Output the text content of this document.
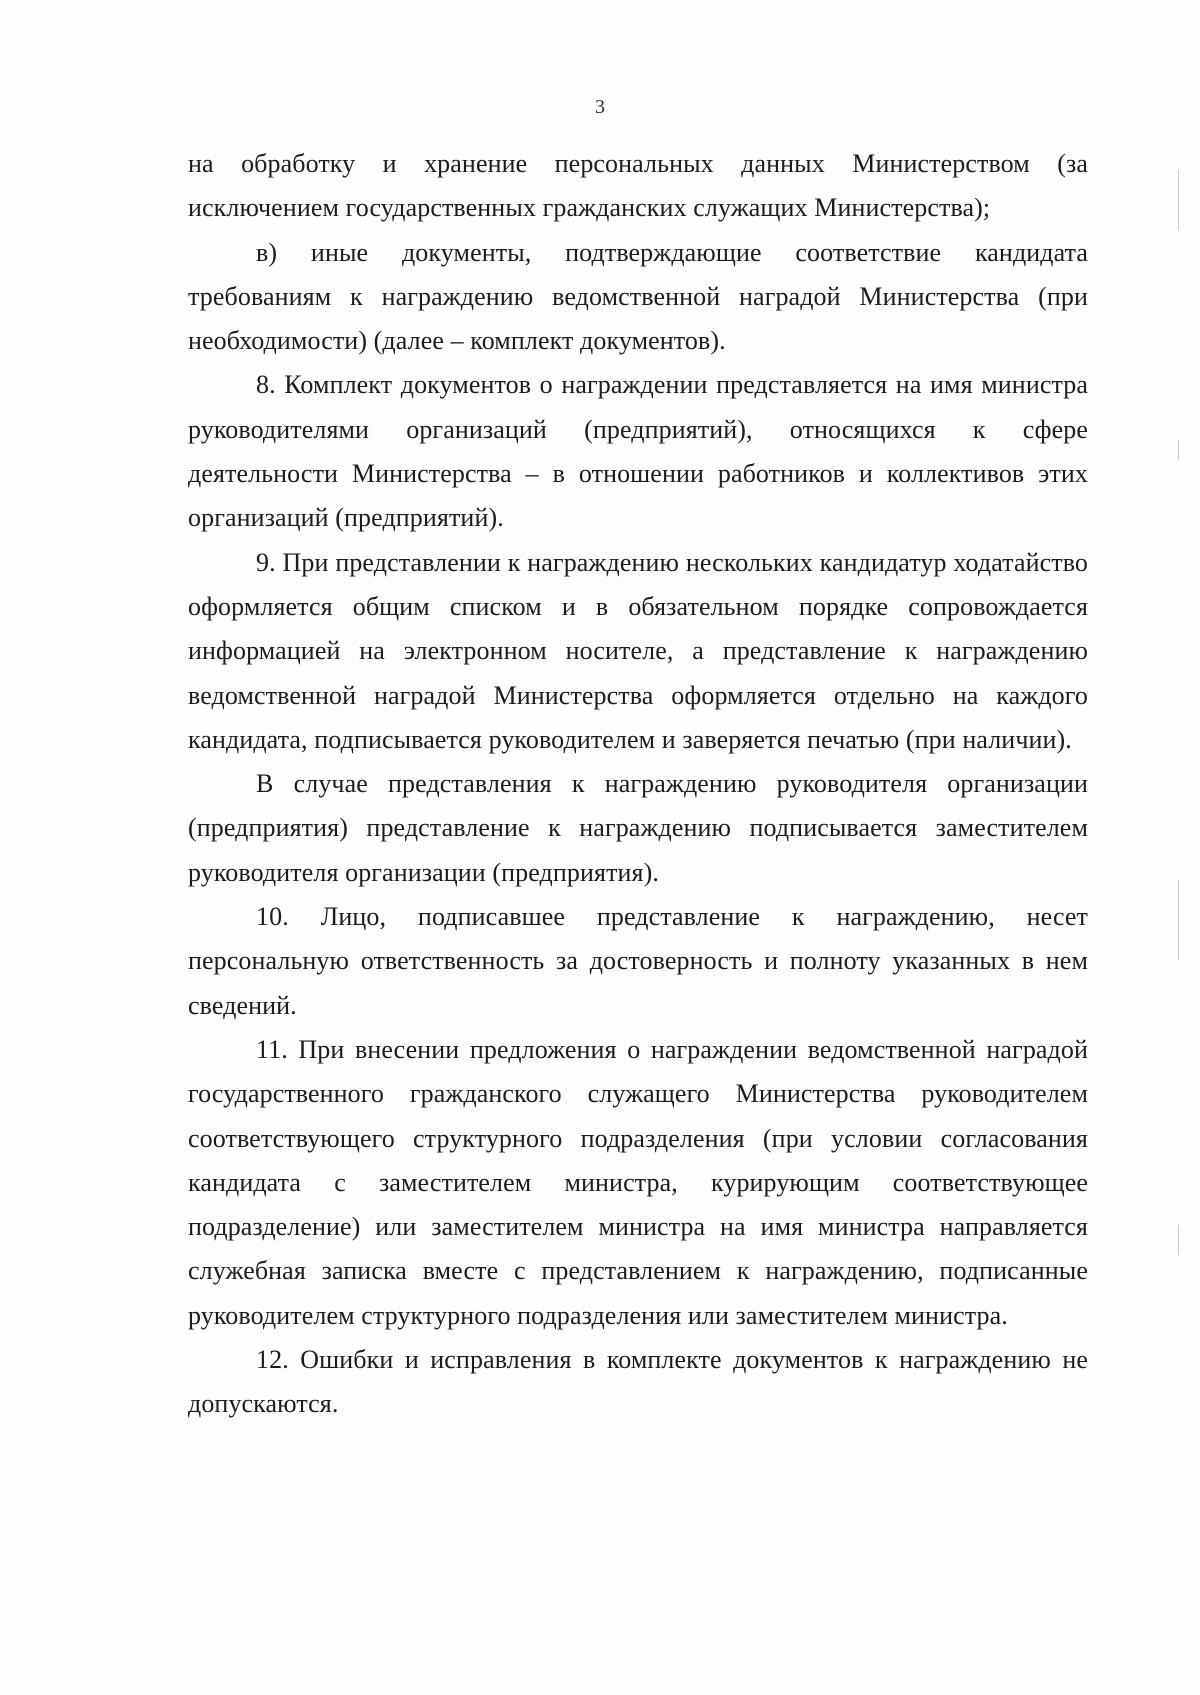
3

на обработку и хранение персональных данных Министерством (за исключением государственных гражданских служащих Министерства);

в) иные документы, подтверждающие соответствие кандидата требованиям к награждению ведомственной наградой Министерства (при необходимости) (далее – комплект документов).

8. Комплект документов о награждении представляется на имя министра руководителями организаций (предприятий), относящихся к сфере деятельности Министерства – в отношении работников и коллективов этих организаций (предприятий).

9. При представлении к награждению нескольких кандидатур ходатайство оформляется общим списком и в обязательном порядке сопровождается информацией на электронном носителе, а представление к награждению ведомственной наградой Министерства оформляется отдельно на каждого кандидата, подписывается руководителем и заверяется печатью (при наличии).

В случае представления к награждению руководителя организации (предприятия) представление к награждению подписывается заместителем руководителя организации (предприятия).

10. Лицо, подписавшее представление к награждению, несет персональную ответственность за достоверность и полноту указанных в нем сведений.

11. При внесении предложения о награждении ведомственной наградой государственного гражданского служащего Министерства руководителем соответствующего структурного подразделения (при условии согласования кандидата с заместителем министра, курирующим соответствующее подразделение) или заместителем министра на имя министра направляется служебная записка вместе с представлением к награждению, подписанные руководителем структурного подразделения или заместителем министра.

12. Ошибки и исправления в комплекте документов к награждению не допускаются.
